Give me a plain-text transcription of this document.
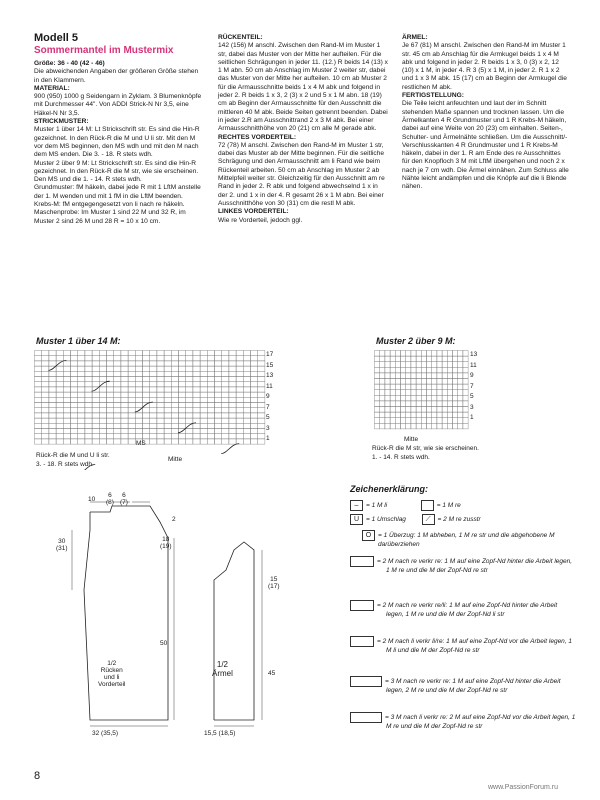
Modell 5
Sommermantel im Mustermix

Größe: 36 - 40 (42 - 46)

Die abweichenden Angaben der größeren Größe stehen in den Klammern.

MATERIAL:

900 (950) 1000 g Seidengarn in Zyklam. 3 Blumenknöpfe mit Durchmesser 44". Von ADDI Strick-N Nr 3,5, eine Häkel-N Nr 3,5.

STRICKMUSTER:

Muster 1 über 14 M: Lt Strickschrift str. Es sind die Hin-R gezeichnet. In den Rück-R die M und U li str. Mit den M vor dem MS beginnen, den MS wdh und mit den M nach dem MS enden. Die 3. - 18. R stets wdh.

Muster 2 über 9 M: Lt Strickschrift str. Es sind die Hin-R gezeichnet. In den Rück-R die M str, wie sie erscheinen. Den MS und die 1. - 14. R stets wdh.

Grundmuster: fM häkeln, dabei jede R mit 1 LftM anstelle der 1. M wenden und mit 1 fM in die LftM beenden.

Krebs-M: fM entgegengesetzt von li nach re häkeln.

Maschenprobe: Im Muster 1 sind 22 M und 32 R, im Muster 2 sind 26 M und 28 R = 10 x 10 cm.

RÜCKENTEIL:

142 (156) M anschl. Zwischen den Rand-M im Muster 1 str, dabei das Muster von der Mitte her aufteilen. Für die seitlichen Schrägungen in jeder 11. (12.) R beids 14 (13) x 1 M abn. 50 cm ab Anschlag im Muster 2 weiter str, dabei das Muster von der Mitte her aufteilen. 10 cm ab Muster 2 für die Armausschnitte beids 1 x 4 M abk und folgend in jeder 2. R beids 1 x 3, 2 (3) x 2 und 5 x 1 M abn. 18 (19) cm ab Beginn der Armausschnitte für den Ausschnitt die mittleren 40 M abk. Beide Seiten getrennt beenden. Dabei in jeder 2.R am Ausschnittrand 2 x 3 M abk. Bei einer Armausschnitthöhe von 20 (21) cm alle M gerade abk.

RECHTES VORDERTEIL:

72 (78) M anschl. Zwischen den Rand-M im Muster 1 str, dabei das Muster ab der Mitte beginnen. Für die seitliche Schrägung und den Armausschnitt am li Rand wie beim Rückenteil arbeiten. 50 cm ab Anschlag im Muster 2 ab Mittelpfeil weiter str. Gleichzeitig für den Ausschnitt am re Rand in jeder 2. R abk und folgend abwechselnd 1 x in der 2. und 1 x in der 4. R gesamt 26 x 1 M abn. Bei einer Ausschnitthöhe von 30 (31) cm die restl M abk.

LINKES VORDERTEIL:

Wie re Vorderteil, jedoch ggl.

ÄRMEL:

Je 67 (81) M anschl. Zwischen den Rand-M im Muster 1 str. 45 cm ab Anschlag für die Armkugel beids 1 x 4 M abk und folgend in jeder 2. R beids 1 x 3, 0 (3) x 2, 12 (10) x 1 M, in jeder 4. R 3 (5) x 1 M, in jeder 2. R 1 x 2 und 1 x 3 M abk. 15 (17) cm ab Beginn der Armkugel die restlichen M abk.

FERTIGSTELLUNG:

Die Teile leicht anfeuchten und laut der im Schnitt stehenden Maße spannen und trocknen lassen. Um die Ärmelkanten 4 R Grundmuster und 1 R Krebs-M häkeln, dabei auf eine Weite von 20 (23) cm einhalten. Seiten-, Schulter- und Ärmelnähte schließen. Um die Ausschnitt/- Verschlusskanten 4 R Grundmuster und 1 R Krebs-M häkeln, dabei in der 1. R am Ende des re Ausschnittes für den Knopfloch 3 M mit LftM übergehen und noch 2 x nach je 7 cm wdh. Die Ärmel einnähen. Zum Schluss alle Nähte leicht andämpfen und die Knöpfe auf die li Blende nähen.

Muster 1 über 14 M:
17
15
13
11
9
7
5
3
1
MS
Mitte
Rück-R die M und U li str.
3. - 18. R stets wdh.
Muster 2 über 9 M:
13
11
9
7
5
3
1
Mitte
Rück-R die M str, wie sie erscheinen.
1. - 14. R stets wdh.
10
6
(8)
6
(7)
30
(31)
2
18
(19)
50
1/2
Rücken
und li
Vorderteil
32 (35,5)
15
(17)
45
1/2
Ärmel
15,5 (18,5)
Zeichenerklärung:
– = 1 M li	= 1 M re
U = 1 Umschlag	⟋ = 2 M re zusstr
O = 1 Überzug: 1 M abheben, 1 M re str und die abgehobene M darüberziehen
= 2 M nach re verkr re: 1 M auf eine Zopf-Nd hinter die Arbeit legen, 1 M re und die M der Zopf-Nd re str
= 2 M nach re verkr re/li: 1 M auf eine Zopf-Nd hinter die Arbeit legen, 1 M re und die M der Zopf-Nd li str
= 2 M nach li verkr li/re: 1 M auf eine Zopf-Nd vor die Arbeit legen, 1 M li und die M der Zopf-Nd re str
= 3 M nach re verkr re: 1 M auf eine Zopf-Nd hinter die Arbeit legen, 2 M re und die M der Zopf-Nd re str
= 3 M nach li verkr re: 2 M auf eine Zopf-Nd vor die Arbeit legen, 1 M re und die M der Zopf-Nd re str
8
www.PassionForum.ru
